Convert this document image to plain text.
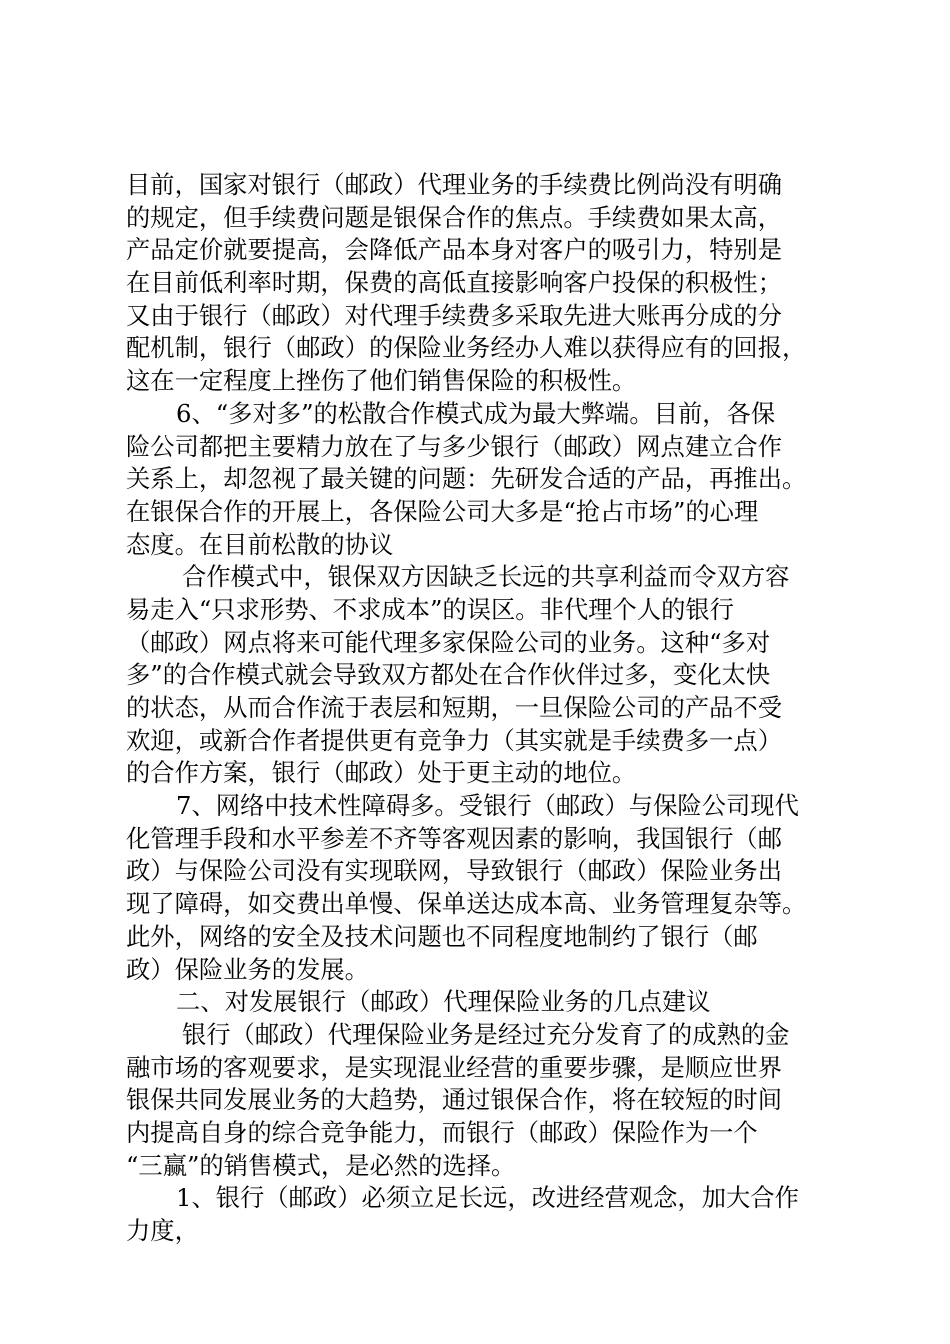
目前，国家对银行（邮政）代理业务的手续费比例尚没有明确
的规定，但手续费问题是银保合作的焦点。手续费如果太高，
产品定价就要提高，会降低产品本身对客户的吸引力，特别是
在目前低利率时期，保费的高低直接影响客户投保的积极性；
又由于银行（邮政）对代理手续费多采取先进大账再分成的分
配机制，银行（邮政）的保险业务经办人难以获得应有的回报，
这在一定程度上挫伤了他们销售保险的积极性。
6、“多对多”的松散合作模式成为最大弊端。目前，各保
险公司都把主要精力放在了与多少银行（邮政）网点建立合作
关系上，却忽视了最关键的问题：先研发合适的产品，再推出。
在银保合作的开展上，各保险公司大多是“抢占市场”的心理
态度。在目前松散的协议
合作模式中，银保双方因缺乏长远的共享利益而令双方容
易走入“只求形势、不求成本”的误区。非代理个人的银行
（邮政）网点将来可能代理多家保险公司的业务。这种“多对
多”的合作模式就会导致双方都处在合作伙伴过多，变化太快
的状态，从而合作流于表层和短期，一旦保险公司的产品不受
欢迎，或新合作者提供更有竞争力（其实就是手续费多一点）
的合作方案，银行（邮政）处于更主动的地位。
7、网络中技术性障碍多。受银行（邮政）与保险公司现代
化管理手段和水平参差不齐等客观因素的影响，我国银行（邮
政）与保险公司没有实现联网，导致银行（邮政）保险业务出
现了障碍，如交费出单慢、保单送达成本高、业务管理复杂等。
此外，网络的安全及技术问题也不同程度地制约了银行（邮
政）保险业务的发展。
二、对发展银行（邮政）代理保险业务的几点建议
银行（邮政）代理保险业务是经过充分发育了的成熟的金
融市场的客观要求，是实现混业经营的重要步骤，是顺应世界
银保共同发展业务的大趋势，通过银保合作，将在较短的时间
内提高自身的综合竞争能力，而银行（邮政）保险作为一个
“三赢”的销售模式，是必然的选择。
1、银行（邮政）必须立足长远，改进经营观念，加大合作
力度，
